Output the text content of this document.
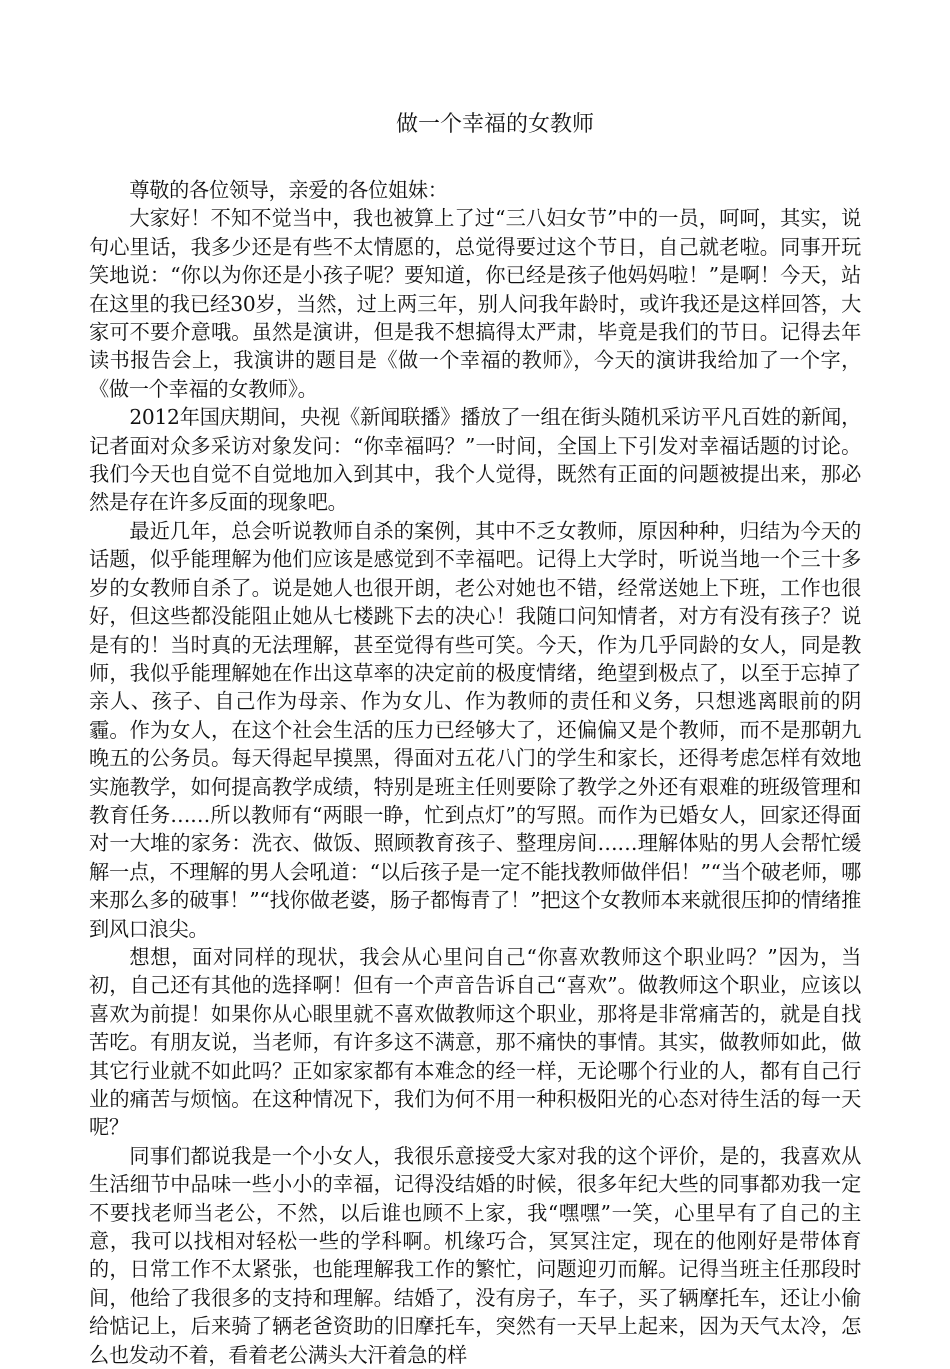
做一个幸福的女教师

尊敬的各位领导，亲爱的各位姐妹：

大家好！不知不觉当中，我也被算上了过“三八妇女节”中的一员，呵呵，其实，说句心里话，我多少还是有些不太情愿的，总觉得要过这个节日，自己就老啦。同事开玩笑地说：“你以为你还是小孩子呢？要知道，你已经是孩子他妈妈啦！”是啊！今天，站在这里的我已经30岁，当然，过上两三年，别人问我年龄时，或许我还是这样回答，大家可不要介意哦。虽然是演讲，但是我不想搞得太严肃，毕竟是我们的节日。记得去年读书报告会上，我演讲的题目是《做一个幸福的教师》，今天的演讲我给加了一个字，《做一个幸福的女教师》。

2012年国庆期间，央视《新闻联播》播放了一组在街头随机采访平凡百姓的新闻，记者面对众多采访对象发问：“你幸福吗？”一时间，全国上下引发对幸福话题的讨论。我们今天也自觉不自觉地加入到其中，我个人觉得，既然有正面的问题被提出来，那必然是存在许多反面的现象吧。

最近几年，总会听说教师自杀的案例，其中不乏女教师，原因种种，归结为今天的话题，似乎能理解为他们应该是感觉到不幸福吧。记得上大学时，听说当地一个三十多岁的女教师自杀了。说是她人也很开朗，老公对她也不错，经常送她上下班，工作也很好，但这些都没能阻止她从七楼跳下去的决心！我随口问知情者，对方有没有孩子？说是有的！当时真的无法理解，甚至觉得有些可笑。今天，作为几乎同龄的女人，同是教师，我似乎能理解她在作出这草率的决定前的极度情绪，绝望到极点了，以至于忘掉了亲人、孩子、自己作为母亲、作为女儿、作为教师的责任和义务，只想逃离眼前的阴霾。作为女人，在这个社会生活的压力已经够大了，还偏偏又是个教师，而不是那朝九晚五的公务员。每天得起早摸黑，得面对五花八门的学生和家长，还得考虑怎样有效地实施教学，如何提高教学成绩，特别是班主任则要除了教学之外还有艰难的班级管理和教育任务……所以教师有“两眼一睁，忙到点灯”的写照。而作为已婚女人，回家还得面对一大堆的家务：洗衣、做饭、照顾教育孩子、整理房间……理解体贴的男人会帮忙缓解一点，不理解的男人会吼道：“以后孩子是一定不能找教师做伴侣！”“当个破老师，哪来那么多的破事！”“找你做老婆，肠子都悔青了！”把这个女教师本来就很压抑的情绪推到风口浪尖。

想想，面对同样的现状，我会从心里问自己“你喜欢教师这个职业吗？”因为，当初，自己还有其他的选择啊！但有一个声音告诉自己“喜欢”。做教师这个职业，应该以喜欢为前提！如果你从心眼里就不喜欢做教师这个职业，那将是非常痛苦的，就是自找苦吃。有朋友说，当老师，有许多这不满意，那不痛快的事情。其实，做教师如此，做其它行业就不如此吗？正如家家都有本难念的经一样，无论哪个行业的人，都有自己行业的痛苦与烦恼。在这种情况下，我们为何不用一种积极阳光的心态对待生活的每一天呢？

同事们都说我是一个小女人，我很乐意接受大家对我的这个评价，是的，我喜欢从生活细节中品味一些小小的幸福，记得没结婚的时候，很多年纪大些的同事都劝我一定不要找老师当老公，不然，以后谁也顾不上家，我“嘿嘿”一笑，心里早有了自己的主意，我可以找相对轻松一些的学科啊。机缘巧合，冥冥注定，现在的他刚好是带体育的，日常工作不太紧张，也能理解我工作的繁忙，问题迎刃而解。记得当班主任那段时间，他给了我很多的支持和理解。结婚了，没有房子，车子，买了辆摩托车，还让小偷给惦记上，后来骑了辆老爸资助的旧摩托车，突然有一天早上起来，因为天气太冷，怎么也发动不着，看着老公满头大汗着急的样
